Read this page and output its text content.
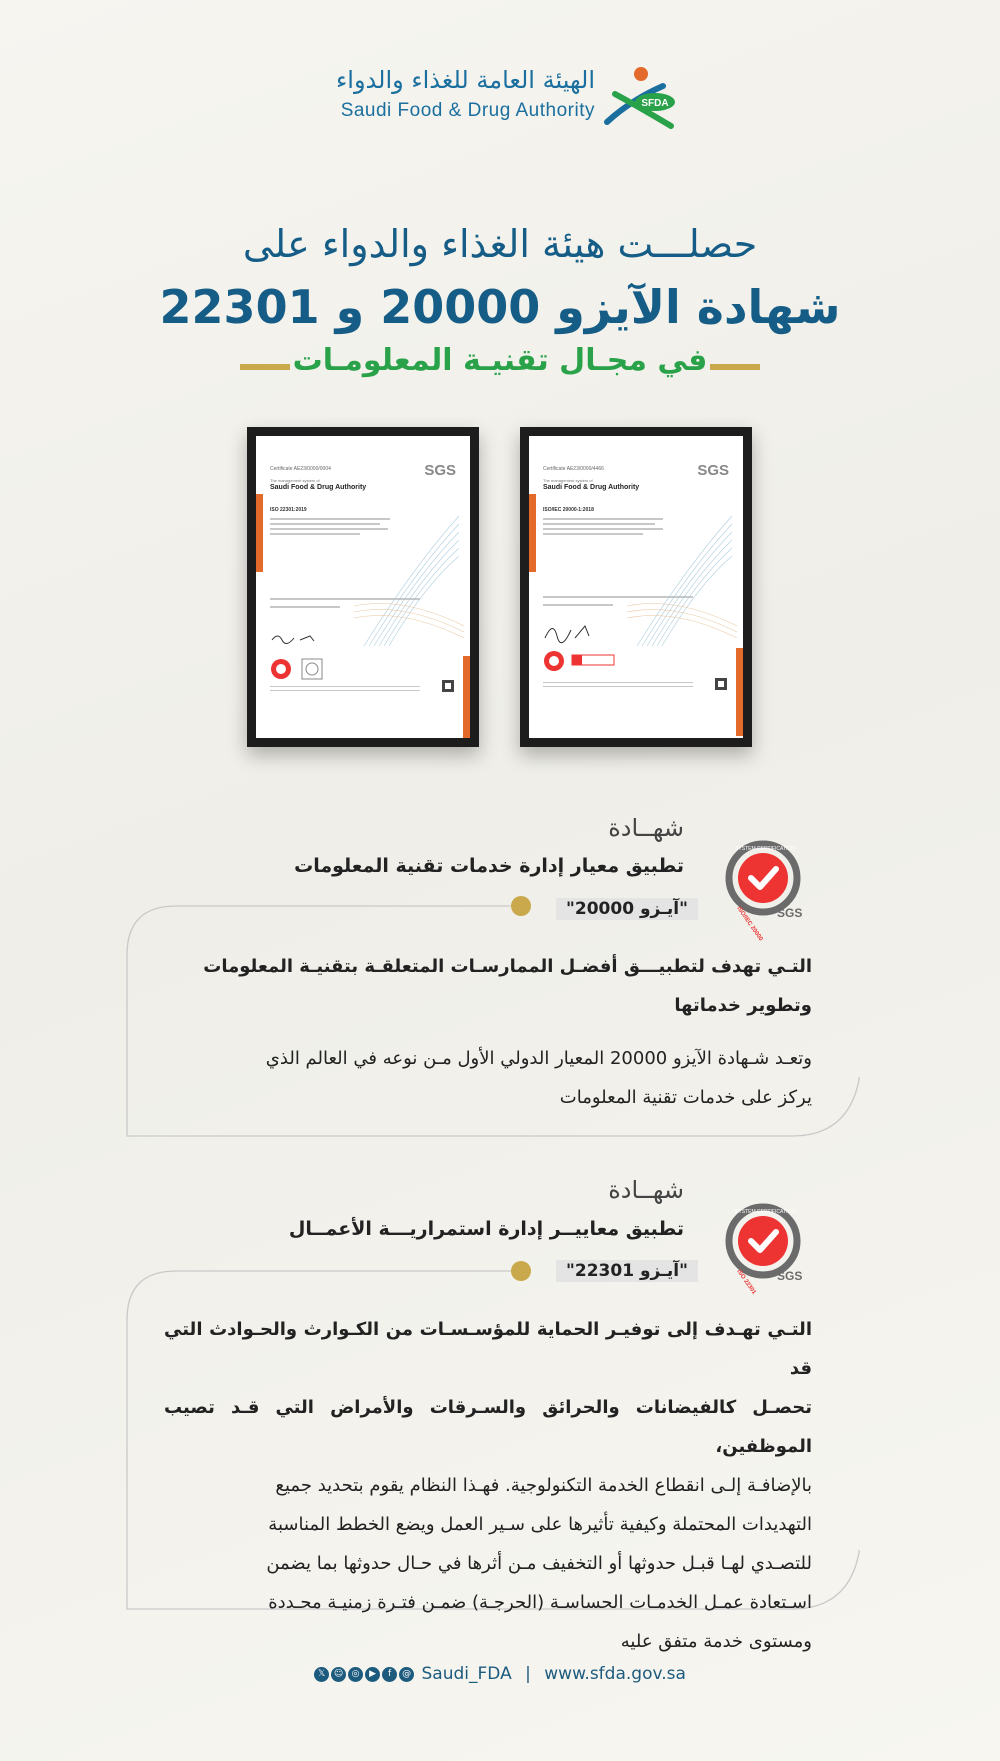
الهيئة العامة للغذاء والدواء
Saudi Food & Drug Authority	SFDA
حصلـــت هيئة الغذاء والدواء على
شهادة الآيزو 20000 و 22301
في مجـال تقنيـة المعلومـات
Certificate AE23/0000/0004	SGS
The management system of
Saudi Food & Drug Authority
ISO 22301:2019
Certificate AE23/0000/4466	SGS
The management system of
Saudi Food & Drug Authority
ISO/IEC 20000-1:2018
شهــادة
تطبيق معيار إدارة خدمات تقنية المعلومات
"آيـزو 20000"
SYSTEM CERTIFICATION
ISO/IEC 20000 SGS
التـي تهدف لتطبيـــق أفضـل الممارسـات المتعلقـة بتقنيـة المعلومات
وتطوير خدماتها
وتعـد شـهادة الآيزو 20000 المعيار الدولي الأول مـن نوعه في العالم الذي
يركز على خدمات تقنية المعلومات
شهــادة
تطبيق معاييــر إدارة استمراريـــة الأعمــال
"آيـزو 22301"
SYSTEM CERTIFICATION
ISO 22301 SGS
التـي تهـدف إلى توفيـر الحماية للمؤسـسـات من الكـوارث والحـوادث التي قد
تحصـل كالفيضانات والحرائق والسـرقات والأمراض التي قـد تصيب الموظفين،
بالإضافـة إلـى انقطاع الخدمة التكنولوجية. فهـذا النظام يقوم بتحديد جميع
التهديدات المحتملة وكيفية تأثيرها على سـير العمل ويضع الخطط المناسبة
للتصـدي لهـا قبـل حدوثها أو التخفيف مـن أثرها في حـال حدوثها بما يضمن
اسـتعادة عمـل الخدمـات الحساسـة (الحرجـة) ضمـن فتـرة زمنيـة محـددة
ومستوى خدمة متفق عليه
𝕏 ☺ ◎ ▶ f @ Saudi_FDA | www.sfda.gov.sa
